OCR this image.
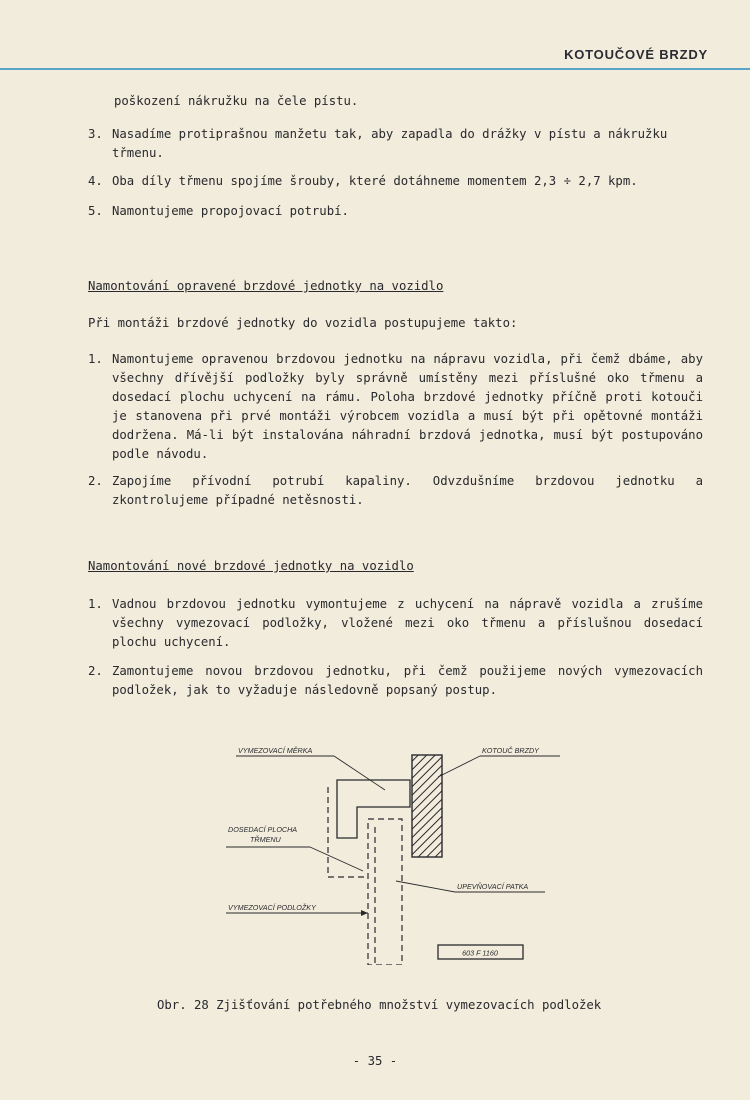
KOTOUČOVÉ BRZDY
poškození nákružku na čele pístu.
3. Nasadíme protiprašnou manžetu tak, aby zapadla do drážky v pístu a nákružku třmenu.
4. Oba díly třmenu spojíme šrouby, které dotáhneme momentem 2,3 ÷ 2,7 kpm.
5. Namontujeme propojovací potrubí.
Namontování opravené brzdové jednotky na vozidlo
Při montáži brzdové jednotky do vozidla postupujeme takto:
1. Namontujeme opravenou brzdovou jednotku na nápravu vozidla, při čemž dbáme, aby všechny dřívější podložky byly správně umístěny mezi příslušné oko třmenu a dosedací plochu uchycení na rámu. Poloha brzdové jednotky příčně proti kotouči je stanovena při prvé montáži výrobcem vozidla a musí být při opětovné montáži dodržena. Má-li být instalována náhradní brzdová jednotka, musí být postupováno podle návodu.
2. Zapojíme přívodní potrubí kapaliny. Odvzdušníme brzdovou jednotku a zkontrolujeme případné netěsnosti.
Namontování nové brzdové jednotky na vozidlo
1. Vadnou brzdovou jednotku vymontujeme z uchycení na nápravě vozidla a zrušíme všechny vymezovací podložky, vložené mezi oko třmenu a příslušnou dosedací plochu uchycení.
2. Zamontujeme novou brzdovou jednotku, při čemž použijeme nových vymezovacích podložek, jak to vyžaduje následovně popsaný postup.
VYMEZOVACÍ MĚRKA	KOTOUČ BRZDY
DOSEDACÍ PLOCHA
TŘMENU
UPEVŇOVACÍ PATKA
VYMEZOVACÍ PODLOŽKY
603 F 1160
Obr. 28 Zjišťování potřebného množství vymezovacích podložek
- 35 -
